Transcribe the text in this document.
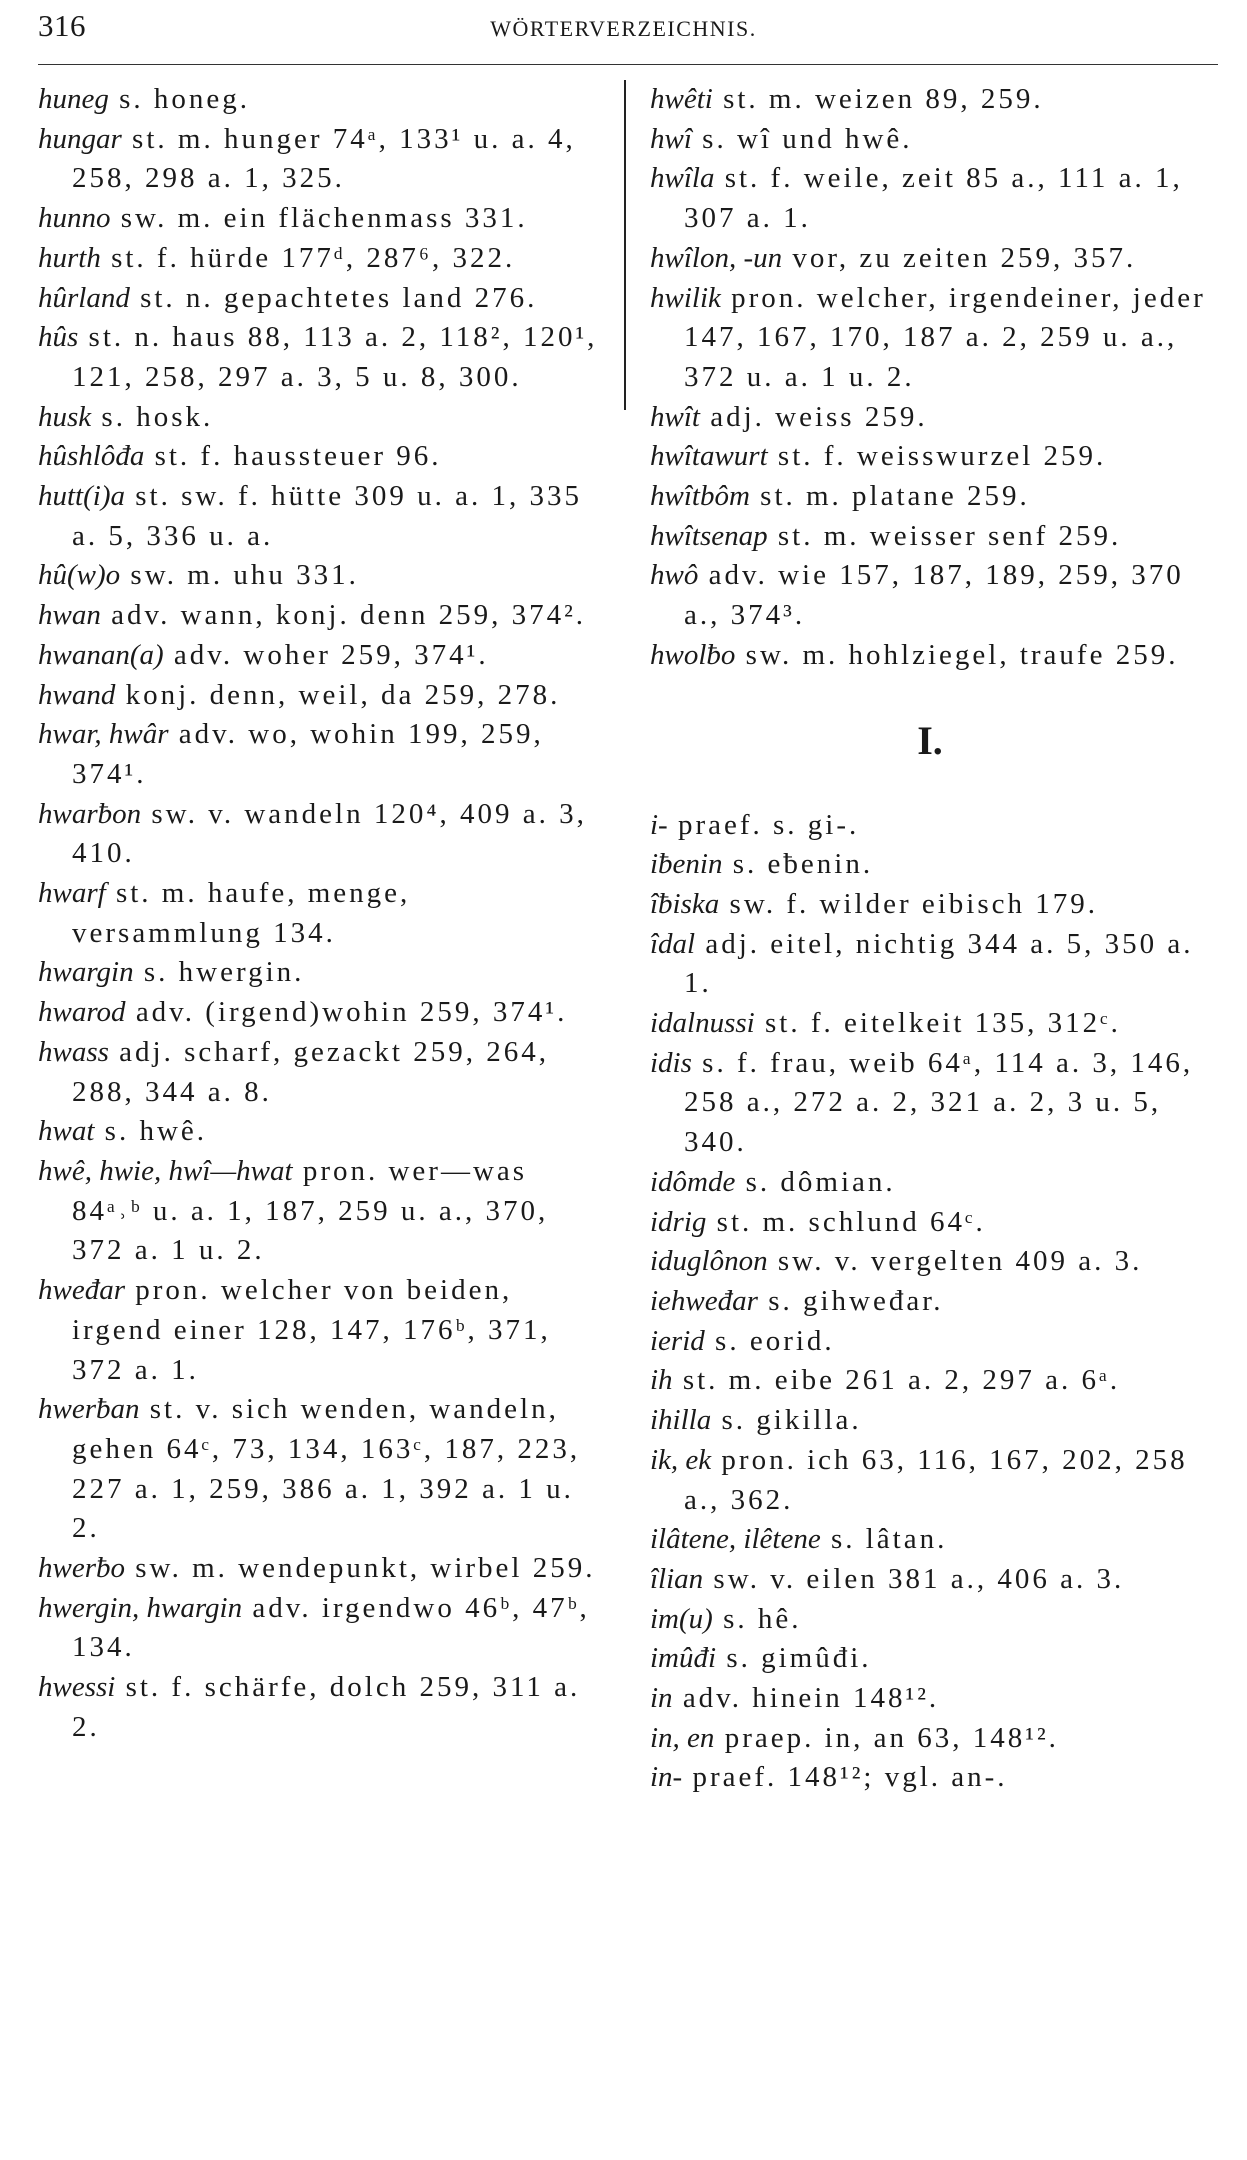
316	WÖRTERVERZEICHNIS.

huneg s. honeg.

hungar st. m. hunger 74ᵃ, 133¹ u. a. 4, 258, 298 a. 1, 325.

hunno sw. m. ein flächenmass 331.

hurth st. f. hürde 177ᵈ, 287⁶, 322.

hûrland st. n. gepachtetes land 276.

hûs st. n. haus 88, 113 a. 2, 118², 120¹, 121, 258, 297 a. 3, 5 u. 8, 300.

husk s. hosk.

hûshlôđa st. f. haussteuer 96.

hutt(i)a st. sw. f. hütte 309 u. a. 1, 335 a. 5, 336 u. a.

hû(w)o sw. m. uhu 331.

hwan adv. wann, konj. denn 259, 374².

hwanan(a) adv. woher 259, 374¹.

hwand konj. denn, weil, da 259, 278.

hwar, hwâr adv. wo, wohin 199, 259, 374¹.

hwarƀon sw. v. wandeln 120⁴, 409 a. 3, 410.

hwarf st. m. haufe, menge, versammlung 134.

hwargin s. hwergin.

hwarod adv. (irgend)wohin 259, 374¹.

hwass adj. scharf, gezackt 259, 264, 288, 344 a. 8.

hwat s. hwê.

hwê, hwie, hwî—hwat pron. wer—was 84ᵃ˒ᵇ u. a. 1, 187, 259 u. a., 370, 372 a. 1 u. 2.

hweđar pron. welcher von beiden, irgend einer 128, 147, 176ᵇ, 371, 372 a. 1.

hwerƀan st. v. sich wenden, wandeln, gehen 64ᶜ, 73, 134, 163ᶜ, 187, 223, 227 a. 1, 259, 386 a. 1, 392 a. 1 u. 2.

hwerƀo sw. m. wendepunkt, wirbel 259.

hwergin, hwargin adv. irgendwo 46ᵇ, 47ᵇ, 134.

hwessi st. f. schärfe, dolch 259, 311 a. 2.

hwêti st. m. weizen 89, 259.

hwî s. wî und hwê.

hwîla st. f. weile, zeit 85 a., 111 a. 1, 307 a. 1.

hwîlon, -un vor, zu zeiten 259, 357.

hwilik pron. welcher, irgendeiner, jeder 147, 167, 170, 187 a. 2, 259 u. a., 372 u. a. 1 u. 2.

hwît adj. weiss 259.

hwîtawurt st. f. weisswurzel 259.

hwîtbôm st. m. platane 259.

hwîtsenap st. m. weisser senf 259.

hwô adv. wie 157, 187, 189, 259, 370 a., 374³.

hwolƀo sw. m. hohlziegel, traufe 259.

I.

i- praef. s. gi-.

iƀenin s. eƀenin.

îƀiska sw. f. wilder eibisch 179.

îdal adj. eitel, nichtig 344 a. 5, 350 a. 1.

idalnussi st. f. eitelkeit 135, 312ᶜ.

idis s. f. frau, weib 64ᵃ, 114 a. 3, 146, 258 a., 272 a. 2, 321 a. 2, 3 u. 5, 340.

idômde s. dômian.

idrig st. m. schlund 64ᶜ.

iduglônon sw. v. vergelten 409 a. 3.

iehweđar s. gihweđar.

ierid s. eorid.

ih st. m. eibe 261 a. 2, 297 a. 6ᵃ.

ihilla s. gikilla.

ik, ek pron. ich 63, 116, 167, 202, 258 a., 362.

ilâtene, ilêtene s. lâtan.

îlian sw. v. eilen 381 a., 406 a. 3.

im(u) s. hê.

imûđi s. gimûđi.

in adv. hinein 148¹².

in, en praep. in, an 63, 148¹².

in- praef. 148¹²; vgl. an-.
